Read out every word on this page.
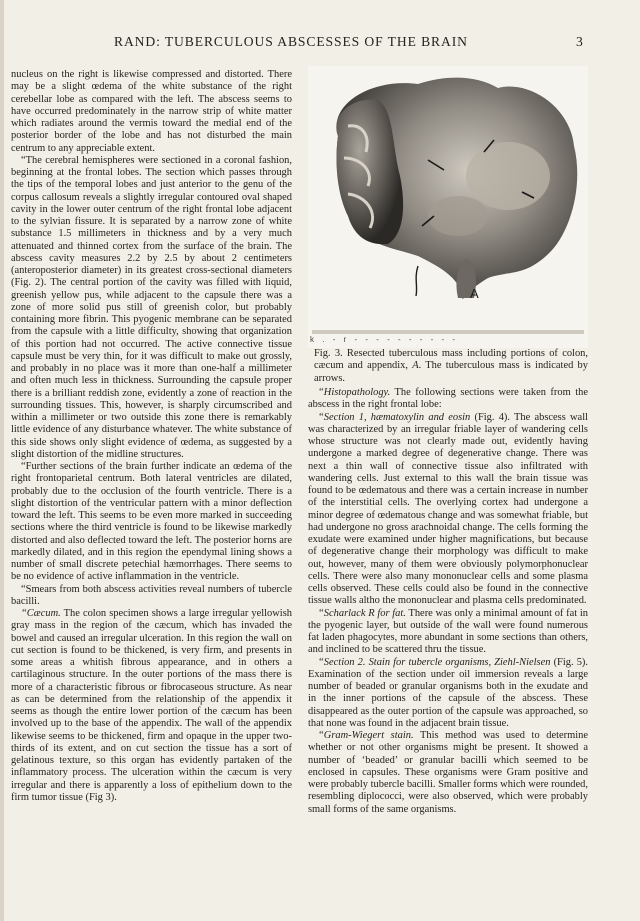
RAND: TUBERCULOUS ABSCESSES OF THE BRAIN	3

nucleus on the right is likewise compressed and distorted. There may be a slight œdema of the white substance of the right cerebellar lobe as compared with the left. The abscess seems to have occurred predominately in the narrow strip of white matter which radiates around the vermis toward the medial end of the posterior border of the lobe and has not disturbed the main centrum to any appreciable extent.

“The cerebral hemispheres were sectioned in a coronal fashion, beginning at the frontal lobes. The section which passes through the tips of the temporal lobes and just anterior to the genu of the corpus callosum reveals a slightly irregular contoured oval shaped cavity in the lower outer centrum of the right frontal lobe adjacent to the sylvian fissure. It is separated by a narrow zone of white substance 1.5 millimeters in thickness and by a very much attenuated and thinned cortex from the surface of the brain. The abscess cavity measures 2.2 by 2.5 by about 2 centimeters (anteroposterior diameter) in its greatest cross-sectional diameters (Fig. 2). The central portion of the cavity was filled with liquid, greenish yellow pus, while adjacent to the capsule there was a zone of more solid pus still of greenish color, but probably containing more fibrin. This pyogenic membrane can be separated from the capsule with a little difficulty, showing that organization of this portion had not occurred. The active connective tissue capsule must be very thin, for it was difficult to make out grossly, and probably in no place was it more than one-half a millimeter and often much less in thickness. Surrounding the capsule proper there is a brilliant reddish zone, evidently a zone of reaction in the surrounding tissues. This, however, is sharply circumscribed and within a millimeter or two outside this zone there is remarkably little evidence of any disturbance whatever. The white substance of this side shows only slight evidence of œdema, as suggested by a slight distortion of the midline structures.

“Further sections of the brain further indicate an œdema of the right frontoparietal centrum. Both lateral ventricles are dilated, probably due to the occlusion of the fourth ventricle. There is a slight distortion of the ventricular pattern with a minor deflection toward the left. This seems to be even more marked in succeeding sections where the third ventricle is found to be likewise markedly distorted and also deflected toward the left. The posterior horns are markedly dilated, and in this region the ependymal lining shows a number of small discrete petechial hæmorrhages. There seems to be no evidence of active inflammation in the ventricle.

“Smears from both abscess activities reveal numbers of tubercle bacilli.

“Cæcum. The colon specimen shows a large irregular yellowish gray mass in the region of the cæcum, which has invaded the bowel and caused an irregular ulceration. In this region the wall on cut section is found to be thickened, is very firm, and presents in some areas a whitish fibrous appearance, and in others a cartilaginous structure. In the outer portions of the mass there is more of a characteristic fibrous or fibrocaseous structure. As near as can be determined from the relationship of the appendix it seems as though the entire lower portion of the cæcum has been involved up to the base of the appendix. The wall of the appendix likewise seems to be thickened, firm and opaque in the upper two-thirds of its extent, and on cut section the tissue has a sort of gelatinous texture, so this organ has evidently partaken of the inflammatory process. The ulceration within the cæcum is very irregular and there is apparently a loss of epithelium down to the firm tumor tissue (Fig 3).

A
k . - r - - - - - - - - - -
Fig. 3. Resected tuberculous mass including portions of colon, cæcum and appendix, A. The tuberculous mass is indicated by arrows.

“Histopathology. The following sections were taken from the abscess in the right frontal lobe:

“Section 1, hæmatoxylin and eosin (Fig. 4). The abscess wall was characterized by an irregular friable layer of wandering cells whose structure was not clearly made out, evidently having undergone a marked degree of degenerative change. There was next a thin wall of connective tissue also infiltrated with wandering cells. Just external to this wall the brain tissue was found to be œdematous and there was a certain increase in number of the interstitial cells. The overlying cortex had undergone a minor degree of œdematous change and was somewhat friable, but had undergone no gross arachnoidal change. The cells forming the exudate were examined under higher magnifications, but because of degenerative change their morphology was difficult to make out, however, many of them were obviously polymorphonuclear cells. There were also many mononuclear cells and some plasma cells observed. These cells could also be found in the connective tissue walls altho the mononuclear and plasma cells predominated.

“Scharlack R for fat. There was only a minimal amount of fat in the pyogenic layer, but outside of the wall were found numerous fat laden phagocytes, more abundant in some sections than others, and inclined to be scattered thru the tissue.

“Section 2. Stain for tubercle organisms, Ziehl-Nielsen (Fig. 5). Examination of the section under oil immersion reveals a large number of beaded or granular organisms both in the exudate and in the inner portions of the capsule of the abscess. These disappeared as the outer portion of the capsule was approached, so that none was found in the adjacent brain tissue.

“Gram-Wiegert stain. This method was used to determine whether or not other organisms might be present. It showed a number of ‘beaded’ or granular bacilli which seemed to be enclosed in capsules. These organisms were Gram positive and were probably tubercle bacilli. Smaller forms which were rounded, resembling diplococci, were also observed, which were probably small forms of the same organisms.
